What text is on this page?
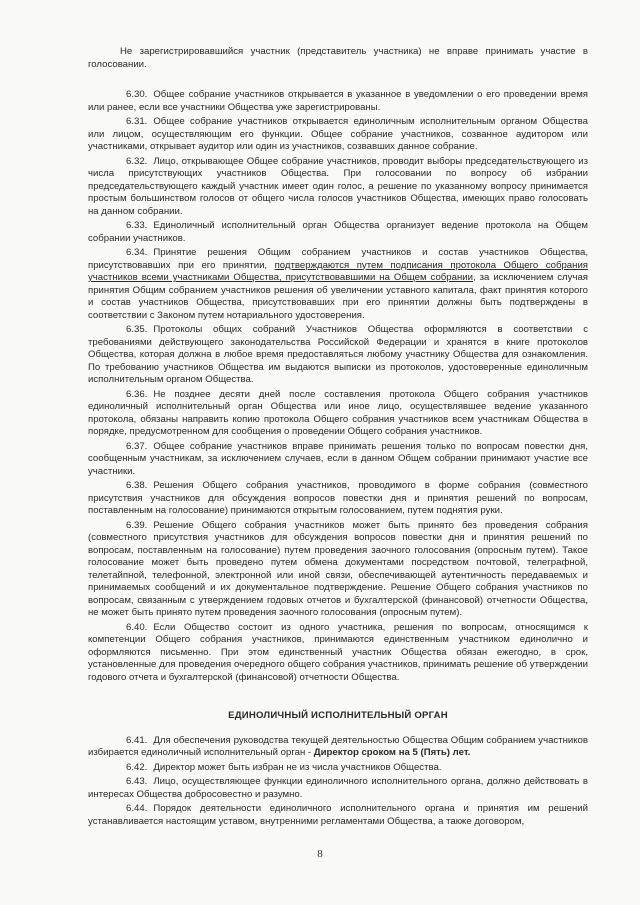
Не зарегистрировавшийся участник (представитель участника) не вправе принимать участие в голосовании.

6.30. Общее собрание участников открывается в указанное в уведомлении о его проведении время или ранее, если все участники Общества уже зарегистрированы.

6.31. Общее собрание участников открывается единоличным исполнительным органом Общества или лицом, осуществляющим его функции. Общее собрание участников, созванное аудитором или участниками, открывает аудитор или один из участников, созвавших данное собрание.

6.32. Лицо, открывающее Общее собрание участников, проводит выборы председательствующего из числа присутствующих участников Общества. При голосовании по вопросу об избрании председательствующего каждый участник имеет один голос, а решение по указанному вопросу принимается простым большинством голосов от общего числа голосов участников Общества, имеющих право голосовать на данном собрании.

6.33. Единоличный исполнительный орган Общества организует ведение протокола на Общем собрании участников.

6.34. Принятие решения Общим собранием участников и состав участников Общества, присутствовавших при его принятии, подтверждаются путем подписания протокола Общего собрания участников всеми участниками Общества, присутствовавшими на Общем собрании, за исключением случая принятия Общим собранием участников решения об увеличении уставного капитала, факт принятия которого и состав участников Общества, присутствовавших при его принятии должны быть подтверждены в соответствии с Законом путем нотариального удостоверения.

6.35. Протоколы общих собраний Участников Общества оформляются в соответствии с требованиями действующего законодательства Российской Федерации и хранятся в книге протоколов Общества, которая должна в любое время предоставляться любому участнику Общества для ознакомления. По требованию участников Общества им выдаются выписки из протоколов, удостоверенные единоличным исполнительным органом Общества.

6.36. Не позднее десяти дней после составления протокола Общего собрания участников единоличный исполнительный орган Общества или иное лицо, осуществлявшее ведение указанного протокола, обязаны направить копию протокола Общего собрания участников всем участникам Общества в порядке, предусмотренном для сообщения о проведении Общего собрания участников.

6.37. Общее собрание участников вправе принимать решения только по вопросам повестки дня, сообщенным участникам, за исключением случаев, если в данном Общем собрании принимают участие все участники.

6.38. Решения Общего собрания участников, проводимого в форме собрания (совместного присутствия участников для обсуждения вопросов повестки дня и принятия решений по вопросам, поставленным на голосование) принимаются открытым голосованием, путем поднятия руки.

6.39. Решение Общего собрания участников может быть принято без проведения собрания (совместного присутствия участников для обсуждения вопросов повестки дня и принятия решений по вопросам, поставленным на голосование) путем проведения заочного голосования (опросным путем). Такое голосование может быть проведено путем обмена документами посредством почтовой, телеграфной, телетайпной, телефонной, электронной или иной связи, обеспечивающей аутентичность передаваемых и принимаемых сообщений и их документальное подтверждение. Решение Общего собрания участников по вопросам, связанным с утверждением годовых отчетов и бухгалтерской (финансовой) отчетности Общества, не может быть принято путем проведения заочного голосования (опросным путем).

6.40. Если Общество состоит из одного участника, решения по вопросам, относящимся к компетенции Общего собрания участников, принимаются единственным участником единолично и оформляются письменно. При этом единственный участник Общества обязан ежегодно, в срок, установленные для проведения очередного общего собрания участников, принимать решение об утверждении годового отчета и бухгалтерской (финансовой) отчетности Общества.

ЕДИНОЛИЧНЫЙ ИСПОЛНИТЕЛЬНЫЙ ОРГАН

6.41. Для обеспечения руководства текущей деятельностью Общества Общим собранием участников избирается единоличный исполнительный орган - Директор сроком на 5 (Пять) лет.

6.42. Директор может быть избран не из числа участников Общества.

6.43. Лицо, осуществляющее функции единоличного исполнительного органа, должно действовать в интересах Общества добросовестно и разумно.

6.44. Порядок деятельности единоличного исполнительного органа и принятия им решений устанавливается настоящим уставом, внутренними регламентами Общества, а также договором,

8
